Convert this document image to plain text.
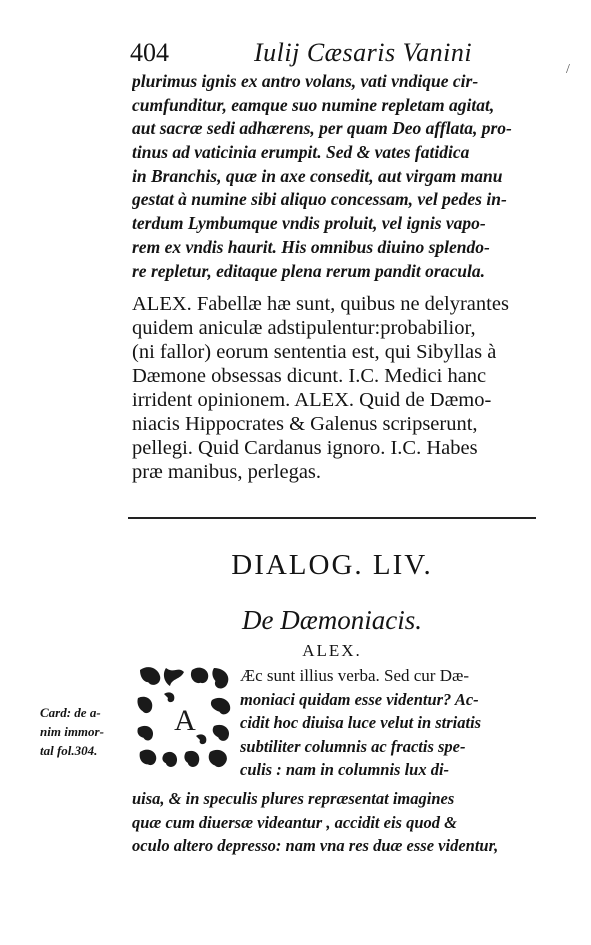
404	Iulij Cæsaris Vanini
/
plurimus ignis ex antro volans, vati vndique cir-
cumfunditur, eamque suo numine repletam agitat,
aut sacræ sedi adhærens, per quam Deo afflata, pro-
tinus ad vaticinia erumpit. Sed & vates fatidica
in Branchis, quæ in axe consedit, aut virgam manu
gestat à numine sibi aliquo concessam, vel pedes in-
terdum Lymbumque vndis proluit, vel ignis vapo-
rem ex vndis haurit. His omnibus diuino splendo-
re repletur, editaque plena rerum pandit oracula.
ALEX. Fabellæ hæ sunt, quibus ne delyrantes
quidem aniculæ adstipulentur:probabilior,
(ni fallor) eorum sententia est, qui Sibyllas à
Dæmone obsessas dicunt. I.C. Medici hanc
irrident opinionem. ALEX. Quid de Dæmo-
niacis Hippocrates & Galenus scripserunt,
pellegi. Quid Cardanus ignoro. I.C. Habes
præ manibus, perlegas.
DIALOG. LIV.
De Dæmoniacis.
ALEX.
Card: de a-
nim immor-
tal fol.304.
A
Æc sunt illius verba. Sed cur Dæ-
moniaci quidam esse videntur? Ac-
cidit hoc diuisa luce velut in striatis
subtiliter columnis ac fractis spe-
culis : nam in columnis lux di-
uisa, & in speculis plures repræsentat imagines
quæ cum diuersæ videantur , accidit eis quod &
oculo altero depresso: nam vna res duæ esse videntur,
